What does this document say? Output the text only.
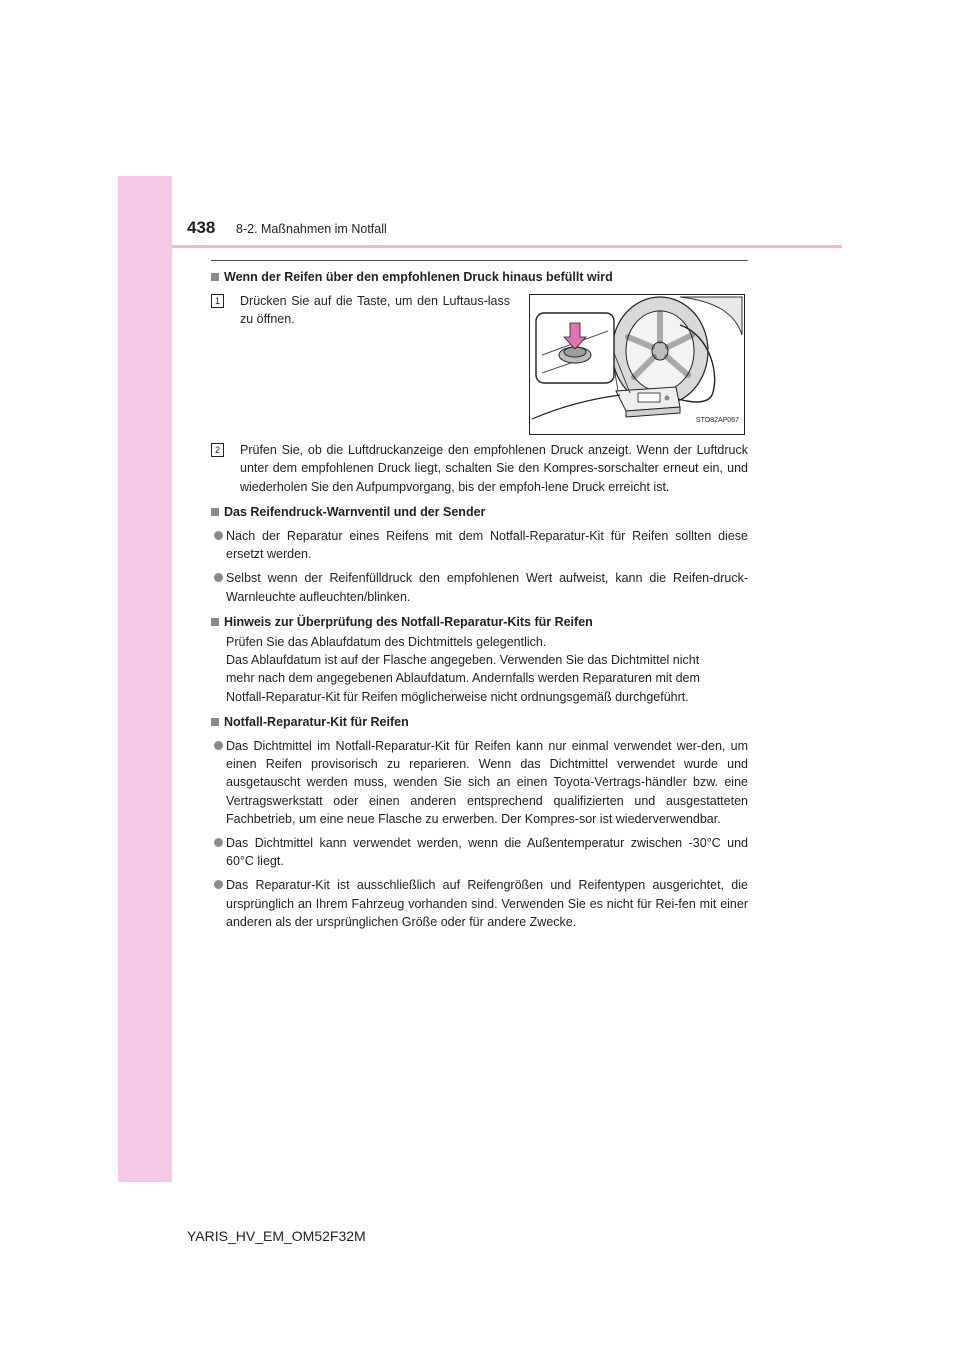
438 8-2. Maßnahmen im Notfall
Wenn der Reifen über den empfohlenen Druck hinaus befüllt wird
1	Drücken Sie auf die Taste, um den Luftaus-lass zu öffnen.
STO82AP067
2	Prüfen Sie, ob die Luftdruckanzeige den empfohlenen Druck anzeigt. Wenn der Luftdruck unter dem empfohlenen Druck liegt, schalten Sie den Kompres-sorschalter erneut ein, und wiederholen Sie den Aufpumpvorgang, bis der empfoh-lene Druck erreicht ist.
Das Reifendruck-Warnventil und der Sender
Nach der Reparatur eines Reifens mit dem Notfall-Reparatur-Kit für Reifen sollten diese ersetzt werden.
Selbst wenn der Reifenfülldruck den empfohlenen Wert aufweist, kann die Reifen-druck-Warnleuchte aufleuchten/blinken.
Hinweis zur Überprüfung des Notfall-Reparatur-Kits für Reifen
Prüfen Sie das Ablaufdatum des Dichtmittels gelegentlich.
Das Ablaufdatum ist auf der Flasche angegeben. Verwenden Sie das Dichtmittel nicht
mehr nach dem angegebenen Ablaufdatum. Andernfalls werden Reparaturen mit dem
Notfall-Reparatur-Kit für Reifen möglicherweise nicht ordnungsgemäß durchgeführt.
Notfall-Reparatur-Kit für Reifen
Das Dichtmittel im Notfall-Reparatur-Kit für Reifen kann nur einmal verwendet wer-den, um einen Reifen provisorisch zu reparieren. Wenn das Dichtmittel verwendet wurde und ausgetauscht werden muss, wenden Sie sich an einen Toyota-Vertrags-händler bzw. eine Vertragswerkstatt oder einen anderen entsprechend qualifizierten und ausgestatteten Fachbetrieb, um eine neue Flasche zu erwerben. Der Kompres-sor ist wiederverwendbar.
Das Dichtmittel kann verwendet werden, wenn die Außentemperatur zwischen -30°C und 60°C liegt.
Das Reparatur-Kit ist ausschließlich auf Reifengrößen und Reifentypen ausgerichtet, die ursprünglich an Ihrem Fahrzeug vorhanden sind. Verwenden Sie es nicht für Rei-fen mit einer anderen als der ursprünglichen Größe oder für andere Zwecke.
YARIS_HV_EM_OM52F32M
